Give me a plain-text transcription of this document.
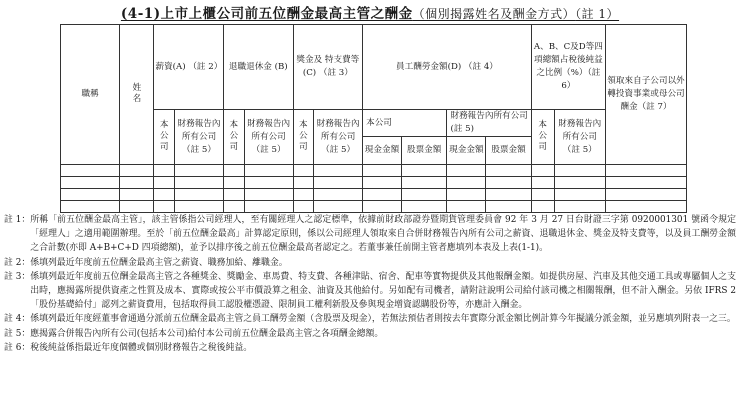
(4-1)上市上櫃公司前五位酬金最高主管之酬金（個別揭露姓名及酬金方式）（註 1）
職稱	姓名	薪資(A) （註 2）		退職退休金 (B)		獎金及 特支費等 (C) （註 3）		員工酬勞金額(D) （註 4）				A、B、C及D等四項總額占稅後純益之比例（%）（註 6）		領取來自子公司以外轉投資事業或母公司酬金（註 7）
		本公司	財務報告內所有公司（註 5）	本公司	財務報告內所有公司（註 5）	本公司	財務報告內所有公司（註 5）	本公司		財務報告內所有公司(註 5)		本公司	財務報告內所有公司（註 5）	
								現金金額	股票金額	現金金額	股票金額			

註 1： 所稱「前五位酬金最高主管」，該主管係指公司經理人，至有關經理人之認定標準，依據前財政部證券暨期貨管理委員會 92 年 3 月 27 日台財證三字第 0920001301 號函令規定「經理人」之適用範圍辦理。至於「前五位酬金最高」計算認定原則，係以公司經理人領取來自合併財務報告內所有公司之薪資、退職退休金、獎金及特支費等，以及員工酬勞金額之合計數(亦即 A+B+C+D 四項總額)，並予以排序後之前五位酬金最高者認定之。若董事兼任前開主管者應填列本表及上表(1-1)。
註 2： 係填列最近年度前五位酬金最高主管之薪資、職務加給、離職金。
註 3： 係填列最近年度前五位酬金最高主管之各種獎金、獎勵金、車馬費、特支費、各種津貼、宿舍、配車等實物提供及其他報酬金額。如提供房屋、汽車及其他交通工具或專屬個人之支出時，應揭露所提供資產之性質及成本、實際或按公平市價設算之租金、油資及其他給付。另如配有司機者，請附註說明公司給付該司機之相關報酬，但不計入酬金。另依 IFRS 2「股份基礎給付」認列之薪資費用，包括取得員工認股權憑證、限制員工權利新股及參與現金增資認購股份等，亦應計入酬金。
註 4： 係填列最近年度經董事會通過分派前五位酬金最高主管之員工酬勞金額（含股票及現金），若無法預估者則按去年實際分派金額比例計算今年擬議分派金額，並另應填列附表一之三。
註 5： 應揭露合併報告內所有公司(包括本公司)給付本公司前五位酬金最高主管之各項酬金總額。
註 6： 稅後純益係指最近年度個體或個別財務報告之稅後純益。
